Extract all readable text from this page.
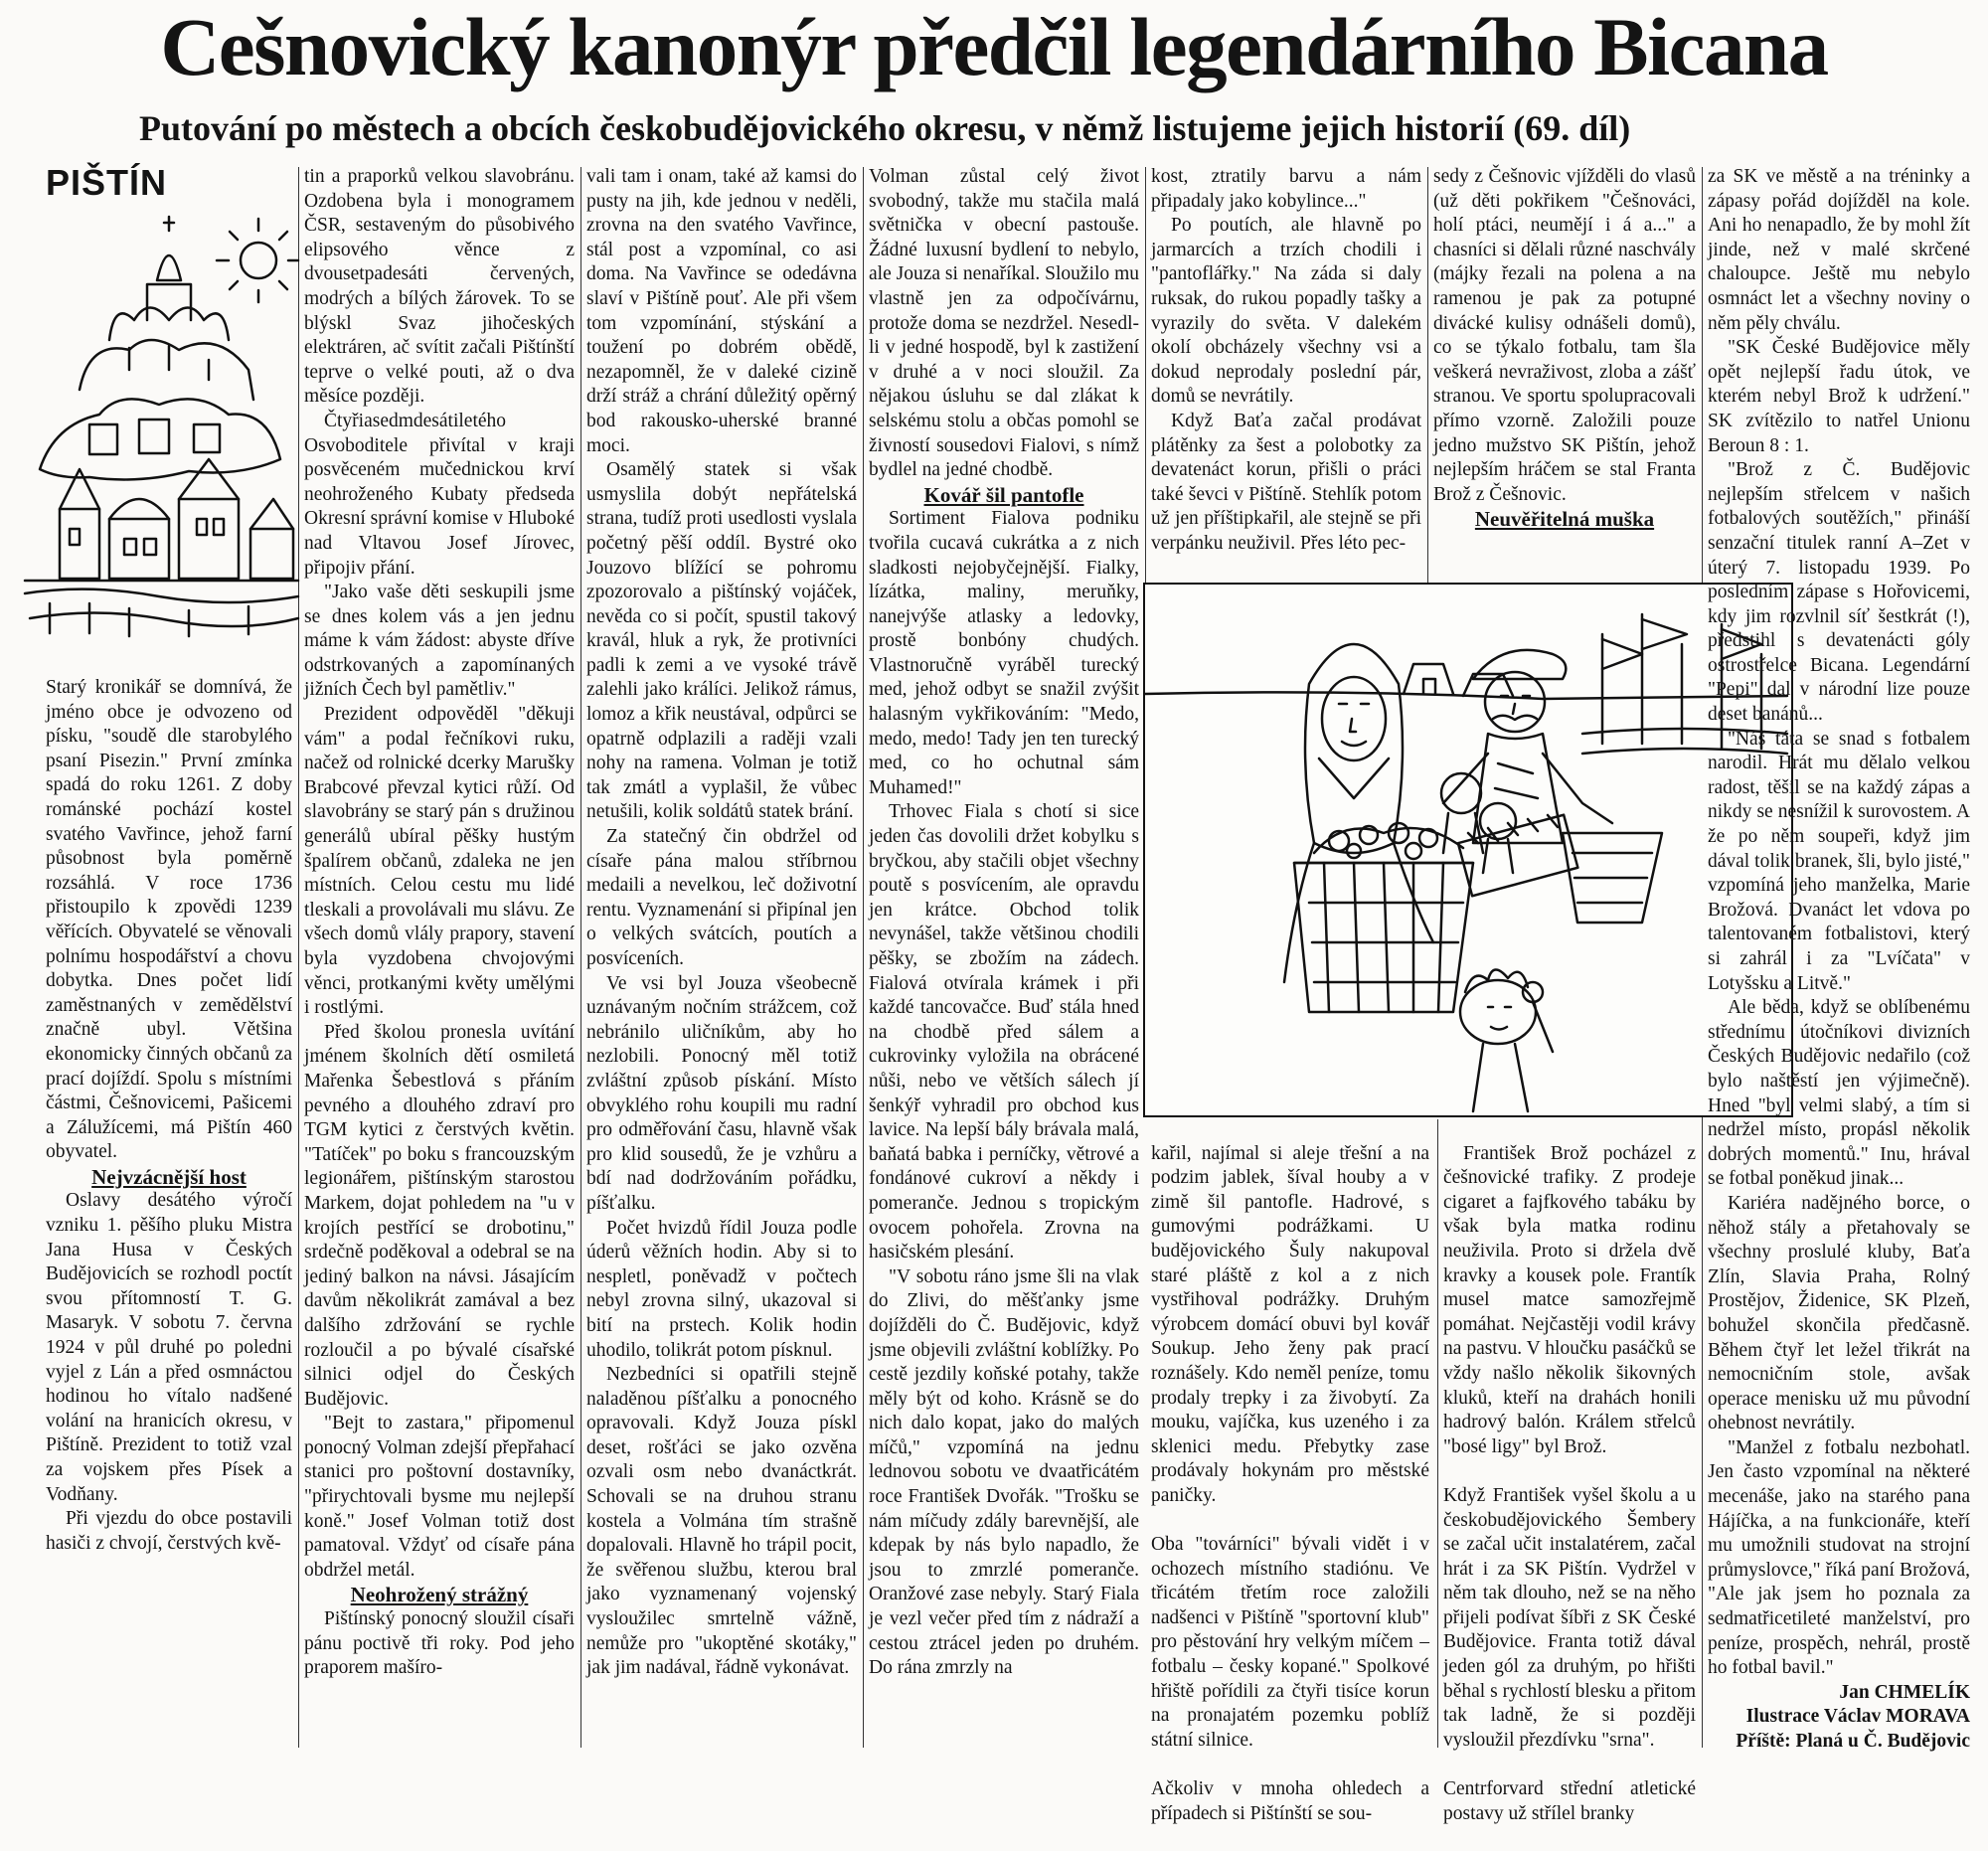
Cešnovický kanonýr předčil legendárního Bicana
Putování po městech a obcích českobudějovického okresu, v němž listujeme jejich historií (69. díl)
PIŠTÍN

Starý kronikář se domnívá, že jméno obce je odvozeno od písku, "soudě dle starobylého psaní Pisezin." První zmínka spadá do roku 1261. Z doby románské pochází kostel svatého Vavřince, jehož farní působnost byla poměrně rozsáhlá. V roce 1736 přistoupilo k zpovědi 1239 věřících. Obyvatelé se věnovali polnímu hospodářství a chovu dobytka. Dnes počet lidí zaměstnaných v zemědělství značně ubyl. Většina ekonomicky činných občanů za prací dojíždí. Spolu s místními částmi, Češnovicemi, Pašicemi a Zálužícemi, má Pištín 460 obyvatel.

Nejvzácnější host

Oslavy desátého výročí vzniku 1. pěšího pluku Mistra Jana Husa v Českých Budějovicích se rozhodl poctít svou přítomností T. G. Masaryk. V sobotu 7. června 1924 v půl druhé po poledni vyjel z Lán a před osmnáctou hodinou ho vítalo nadšené volání na hranicích okresu, v Pištíně. Prezident to totiž vzal za vojskem přes Písek a Vodňany.

Při vjezdu do obce postavili hasiči z chvojí, čerstvých kvě-

tin a praporků velkou slavobránu. Ozdobena byla i monogramem ČSR, sestaveným do působivého elipsového věnce z dvousetpadesáti červených, modrých a bílých žárovek. To se blýskl Svaz jihočeských elektráren, ač svítit začali Pištínští teprve o velké pouti, až o dva měsíce později.

Čtyřiasedmdesátiletého Osvoboditele přivítal v kraji posvěceném mučednickou krví neohroženého Kubaty předseda Okresní správní komise v Hluboké nad Vltavou Josef Jírovec, připojiv přání.

"Jako vaše děti seskupili jsme se dnes kolem vás a jen jednu máme k vám žádost: abyste dříve odstrkovaných a zapomínaných jižních Čech byl pamětliv."

Prezident odpověděl "děkuji vám" a podal řečníkovi ruku, načež od rolnické dcerky Marušky Brabcové převzal kytici růží. Od slavobrány se starý pán s družinou generálů ubíral pěšky hustým špalírem občanů, zdaleka ne jen místních. Celou cestu mu lidé tleskali a provolávali mu slávu. Ze všech domů vlály prapory, stavení byla vyzdobena chvojovými věnci, protkanými květy umělými i rostlými.

Před školou pronesla uvítání jménem školních dětí osmiletá Mařenka Šebestlová s přáním pevného a dlouhého zdraví pro TGM kytici z čerstvých květin. "Tatíček" po boku s francouzským legionářem, pištínským starostou Markem, dojat pohledem na "u v krojích pestřící se drobotinu," srdečně poděkoval a odebral se na jediný balkon na návsi. Jásajícím davům několikrát zamával a bez dalšího zdržování se rychle rozloučil a po bývalé císařské silnici odjel do Českých Budějovic.

"Bejt to zastara," připomenul ponocný Volman zdejší přepřahací stanici pro poštovní dostavníky, "přirychtovali bysme mu nejlepší koně." Josef Volman totiž dost pamatoval. Vždyť od císaře pána obdržel metál.

Neohrožený strážný

Pištínský ponocný sloužil císaři pánu poctivě tři roky. Pod jeho praporem mašíro-

vali tam i onam, také až kamsi do pusty na jih, kde jednou v neděli, zrovna na den svatého Vavřince, stál post a vzpomínal, co asi doma. Na Vavřince se odedávna slaví v Pištíně pouť. Ale při všem tom vzpomínání, stýskání a toužení po dobrém obědě, nezapomněl, že v daleké cizině drží stráž a chrání důležitý opěrný bod rakousko-uherské branné moci.

Osamělý statek si však usmyslila dobýt nepřátelská strana, tudíž proti usedlosti vyslala početný pěší oddíl. Bystré oko Jouzovo blížící se pohromu zpozorovalo a pištínský vojáček, nevěda co si počít, spustil takový kravál, hluk a ryk, že protivníci padli k zemi a ve vysoké trávě zalehli jako králíci. Jelikož rámus, lomoz a křik neustával, odpůrci se opatrně odplazili a raději vzali nohy na ramena. Volman je totiž tak zmátl a vyplašil, že vůbec netušili, kolik soldátů statek brání.

Za statečný čin obdržel od císaře pána malou stříbrnou medaili a nevelkou, leč doživotní rentu. Vyznamenání si připínal jen o velkých svátcích, poutích a posvíceních.

Ve vsi byl Jouza všeobecně uznávaným nočním strážcem, což nebránilo uličníkům, aby ho nezlobili. Ponocný měl totiž zvláštní způsob pískání. Místo obvyklého rohu koupili mu radní pro odměřování času, hlavně však pro klid sousedů, že je vzhůru a bdí nad dodržováním pořádku, píšťalku.

Počet hvizdů řídil Jouza podle úderů věžních hodin. Aby si to nespletl, poněvadž v počtech nebyl zrovna silný, ukazoval si bití na prstech. Kolik hodin uhodilo, tolikrát potom písknul.

Nezbedníci si opatřili stejně naladěnou píšťalku a ponocného opravovali. Když Jouza pískl deset, rošťáci se jako ozvěna ozvali osm nebo dvanáctkrát. Schovali se na druhou stranu kostela a Volmána tím strašně dopalovali. Hlavně ho trápil pocit, že svěřenou službu, kterou bral jako vyznamenaný vojenský vysloužilec smrtelně vážně, nemůže pro "ukoptěné skotáky," jak jim nadával, řádně vykonávat.

Volman zůstal celý život svobodný, takže mu stačila malá světnička v obecní pastouše. Žádné luxusní bydlení to nebylo, ale Jouza si nenaříkal. Sloužilo mu vlastně jen za odpočívárnu, protože doma se nezdržel. Nesedl-li v jedné hospodě, byl k zastižení v druhé a v noci sloužil. Za nějakou úsluhu se dal zlákat k selskému stolu a občas pomohl se živností sousedovi Fialovi, s nímž bydlel na jedné chodbě.

Kovář šil pantofle

Sortiment Fialova podniku tvořila cucavá cukrátka a z nich sladkosti nejobyčejnější. Fialky, lízátka, maliny, meruňky, nanejvýše atlasky a ledovky, prostě bonbóny chudých. Vlastnoručně vyráběl turecký med, jehož odbyt se snažil zvýšit halasným vykřikováním: "Medo, medo, medo! Tady jen ten turecký med, co ho ochutnal sám Muhamed!"

Trhovec Fiala s chotí si sice jeden čas dovolili držet kobylku s bryčkou, aby stačili objet všechny poutě s posvícením, ale opravdu jen krátce. Obchod tolik nevynášel, takže většinou chodili pěšky, se zbožím na zádech. Fialová otvírala krámek i při každé tancovačce. Buď stála hned na chodbě před sálem a cukrovinky vyložila na obrácené nůši, nebo ve větších sálech jí šenkýř vyhradil pro obchod kus lavice. Na lepší bály brávala malá, baňatá babka i perníčky, větrové a fondánové cukroví a někdy i pomeranče. Jednou s tropickým ovocem pohořela. Zrovna na hasičském plesání.

"V sobotu ráno jsme šli na vlak do Zlivi, do měšťanky jsme dojížděli do Č. Budějovic, když jsme objevili zvláštní koblížky. Po cestě jezdily koňské potahy, takže měly být od koho. Krásně se do nich dalo kopat, jako do malých míčů," vzpomíná na jednu lednovou sobotu ve dvaatřicátém roce František Dvořák. "Trošku se nám míčudy zdály barevnější, ale kdepak by nás bylo napadlo, že jsou to zmrzlé pomeranče. Oranžové zase nebyly. Starý Fiala je vezl večer před tím z nádraží a cestou ztrácel jeden po druhém. Do rána zmrzly na

kost, ztratily barvu a nám připadaly jako kobylince..."

Po poutích, ale hlavně po jarmarcích a trzích chodili i "pantoflářky." Na záda si daly ruksak, do rukou popadly tašky a vyrazily do světa. V dalekém okolí obcházely všechny vsi a dokud neprodaly poslední pár, domů se nevrátily.

Když Baťa začal prodávat plátěnky za šest a polobotky za devatenáct korun, přišli o práci také ševci v Pištíně. Stehlík potom už jen příštipkařil, ale stejně se při verpánku neuživil. Přes léto pec-

sedy z Češnovic vjížděli do vlasů (už děti pokřikem "Češnováci, holí ptáci, neumějí i á a..." a chasníci si dělali různé naschvály (májky řezali na polena a na ramenou je pak za potupné divácké kulisy odnášeli domů), co se týkalo fotbalu, tam šla veškerá nevraživost, zloba a zášť stranou. Ve sportu spolupracovali přímo vzorně. Založili pouze jedno mužstvo SK Pištín, jehož nejlepším hráčem se stal Franta Brož z Češnovic.

Neuvěřitelná muška

kařil, najímal si aleje třešní a na podzim jablek, šíval houby a v zimě šil pantofle. Hadrové, s gumovými podrážkami. U budějovického Šuly nakupoval staré pláště z kol a z nich vystřihoval podrážky. Druhým výrobcem domácí obuvi byl kovář Soukup. Jeho ženy pak prací roznášely. Kdo neměl peníze, tomu prodaly trepky i za živobytí. Za mouku, vajíčka, kus uzeného i za sklenici medu. Přebytky zase prodávaly hokynám pro městské paničky.

Oba "továrníci" bývali vidět i v ochozech místního stadiónu. Ve třicátém třetím roce založili nadšenci v Pištíně "sportovní klub" pro pěstování hry velkým míčem – fotbalu – česky kopané." Spolkové hřiště pořídili za čtyři tisíce korun na pronajatém pozemku poblíž státní silnice.

Ačkoliv v mnoha ohledech a případech si Pištínští se sou-

František Brož pocházel z češnovické trafiky. Z prodeje cigaret a fajfkového tabáku by však byla matka rodinu neuživila. Proto si držela dvě kravky a kousek pole. Frantík musel matce samozřejmě pomáhat. Nejčastěji vodil krávy na pastvu. V hloučku pasáčků se vždy našlo několik šikovných kluků, kteří na drahách honili hadrový balón. Králem střelců "bosé ligy" byl Brož.

Když František vyšel školu a u českobudějovického Šembery se začal učit instalatérem, začal hrát i za SK Pištín. Vydržel v něm tak dlouho, než se na něho přijeli podívat šíbři z SK České Budějovice. Franta totiž dával jeden gól za druhým, po hřišti běhal s rychlostí blesku a přitom tak ladně, že si později vysloužil přezdívku "srna".

Centrforvard střední atletické postavy už střílel branky

za SK ve městě a na tréninky a zápasy pořád dojížděl na kole. Ani ho nenapadlo, že by mohl žít jinde, než v malé skrčené chaloupce. Ještě mu nebylo osmnáct let a všechny noviny o něm pěly chválu.

"SK České Budějovice měly opět nejlepší řadu útok, ve kterém nebyl Brož k udržení." SK zvítězilo to natřel Unionu Beroun 8 : 1.

"Brož z Č. Budějovic nejlepším střelcem v našich fotbalových soutěžích," přináší senzační titulek ranní A–Zet v úterý 7. listopadu 1939. Po posledním zápase s Hořovicemi, kdy jim rozvlnil síť šestkrát (!), předstihl s devatenácti góly ostrostřelce Bicana. Legendární "Pepi" dal v národní lize pouze deset banánů...

"Náš táta se snad s fotbalem narodil. Hrát mu dělalo velkou radost, těšil se na každý zápas a nikdy se nesnížil k surovostem. A že po něm soupeři, když jim dával tolik branek, šli, bylo jisté," vzpomíná jeho manželka, Marie Brožová. Dvanáct let vdova po talentovaném fotbalistovi, který si zahrál i za "Lvíčata" v Lotyšsku a Litvě."

Ale běda, když se oblíbenému střednímu útočníkovi divizních Českých Budějovic nedařilo (což bylo naštěstí jen výjimečně). Hned "byl velmi slabý, a tím si nedržel místo, propásl několik dobrých momentů." Inu, hrával se fotbal poněkud jinak...

Kariéra nadějného borce, o něhož stály a přetahovaly se všechny proslulé kluby, Baťa Zlín, Slavia Praha, Rolný Prostějov, Židenice, SK Plzeň, bohužel skončila předčasně. Během čtyř let ležel třikrát na nemocničním stole, avšak operace menisku už mu původní ohebnost nevrátily.

"Manžel z fotbalu nezbohatl. Jen často vzpomínal na některé mecenáše, jako na starého pana Hájíčka, a na funkcionáře, kteří mu umožnili studovat na strojní průmyslovce," říká paní Brožová, "Ale jak jsem ho poznala za sedmatřicetileté manželství, pro peníze, prospěch, nehrál, prostě ho fotbal bavil."

Jan CHMELÍK

Ilustrace Václav MORAVA

Příště: Planá u Č. Budějovic
